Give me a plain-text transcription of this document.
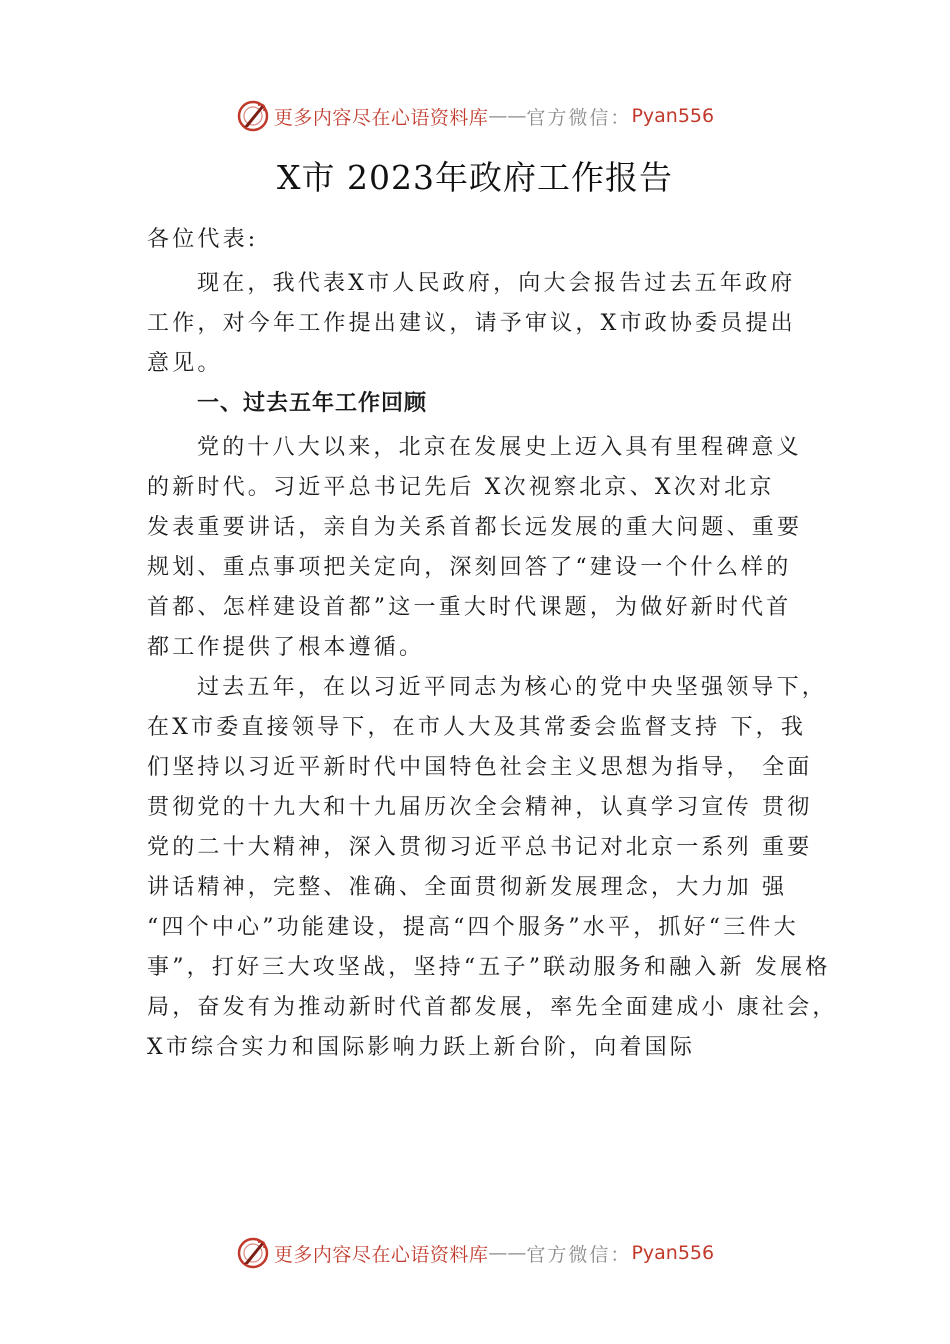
更多内容尽在心语资料库 —— 官方微信： Pyan556
X市 2023年政府工作报告
各位代表:
现在，我代表X市人民政府，向大会报告过去五年政府
工作，对今年工作提出建议，请予审议，X市政协委员提出
意见。
一、过去五年工作回顾
党的十八大以来，北京在发展史上迈入具有里程碑意义
的新时代。习近平总书记先后 X次视察北京、X次对北京
发表重要讲话，亲自为关系首都长远发展的重大问题、重要
规划、重点事项把关定向，深刻回答了“建设一个什么样的
首都、怎样建设首都”这一重大时代课题，为做好新时代首
都工作提供了根本遵循。
过去五年，在以习近平同志为核心的党中央坚强领导下，
在X市委直接领导下，在市人大及其常委会监督支持 下，我
们坚持以习近平新时代中国特色社会主义思想为指导， 全面
贯彻党的十九大和十九届历次全会精神，认真学习宣传 贯彻
党的二十大精神，深入贯彻习近平总书记对北京一系列 重要
讲话精神，完整、准确、全面贯彻新发展理念，大力加 强
“四个中心”功能建设，提高“四个服务”水平，抓好“三件大
事”，打好三大攻坚战，坚持“五子”联动服务和融入新 发展格
局，奋发有为推动新时代首都发展，率先全面建成小 康社会，
X市综合实力和国际影响力跃上新台阶，向着国际
更多内容尽在心语资料库 —— 官方微信： Pyan556
